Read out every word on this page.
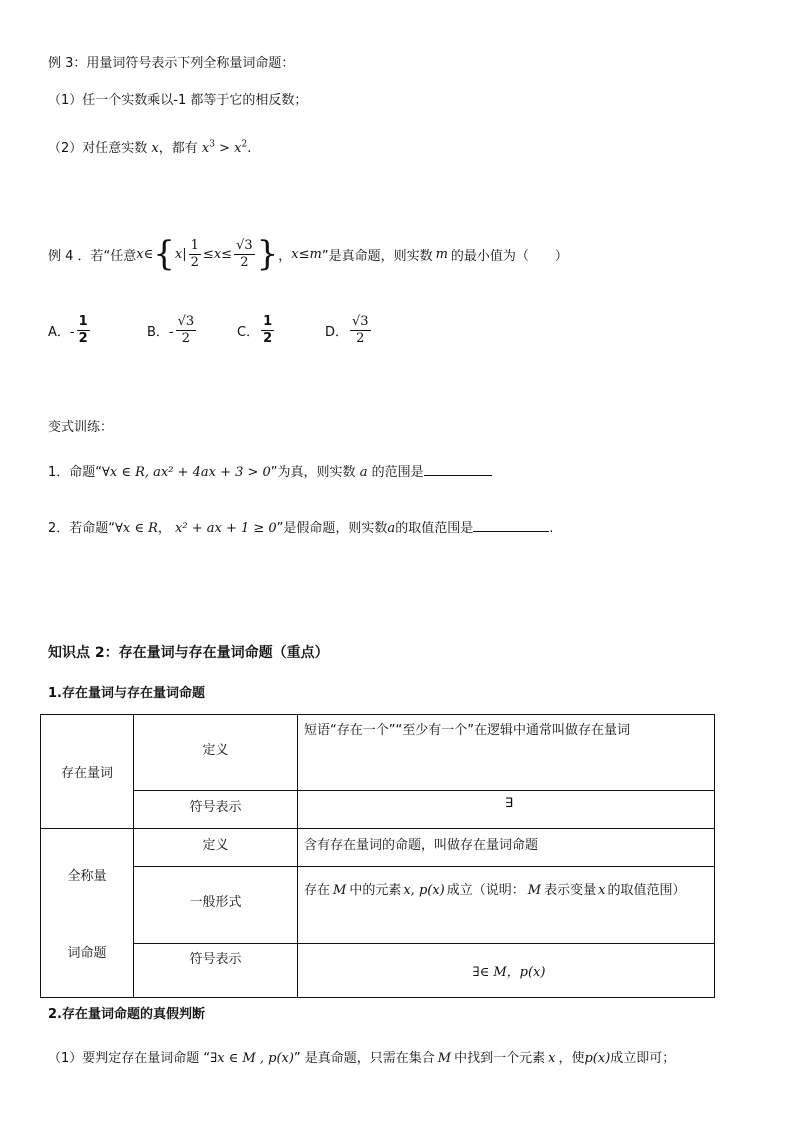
例 3：用量词符号表示下列全称量词命题：
（1）任一个实数乘以-1 都等于它的相反数；
（2）对任意实数 x，都有 $x^3 > x^2$.
例 4 ．若“任意 x∈ { x | $\frac{1}{2} \le x \le \frac{√3}{2}$ } ， x≤m ”是真命题，则实数 m 的最小值为（　　）
A．- $\frac{1}{2}$	B．- $\frac{√3}{2}$	C． $\frac{1}{2}$	D． $\frac{√3}{2}$
变式训练：
1．命题“∀x ∈ R, ax² + 4ax + 3 > 0”为真，则实数 a 的范围是
2．若命题“∀x ∈ R， x² + ax + 1 ≥ 0”是假命题，则实数a的取值范围是	.
知识点 2：存在量词与存在量词命题（重点）
1.存在量词与存在量词命题
存在量词	定义	短语“存在一个”“至少有一个”在逻辑中通常叫做存在量词
	符号表示	∃

全称量
词命题	定义	含有存在量词的命题，叫做存在量词命题
	一般形式	存在 M 中的元素 x, p(x) 成立（说明： M 表示变量 x 的取值范围）
	符号表示	∃∈ M，p(x)
2.存在量词命题的真假判断
（1）要判定存在量词命题 “∃x ∈ M , p(x)” 是真命题，只需在集合 M 中找到一个元素 x ，使p(x)成立即可；
